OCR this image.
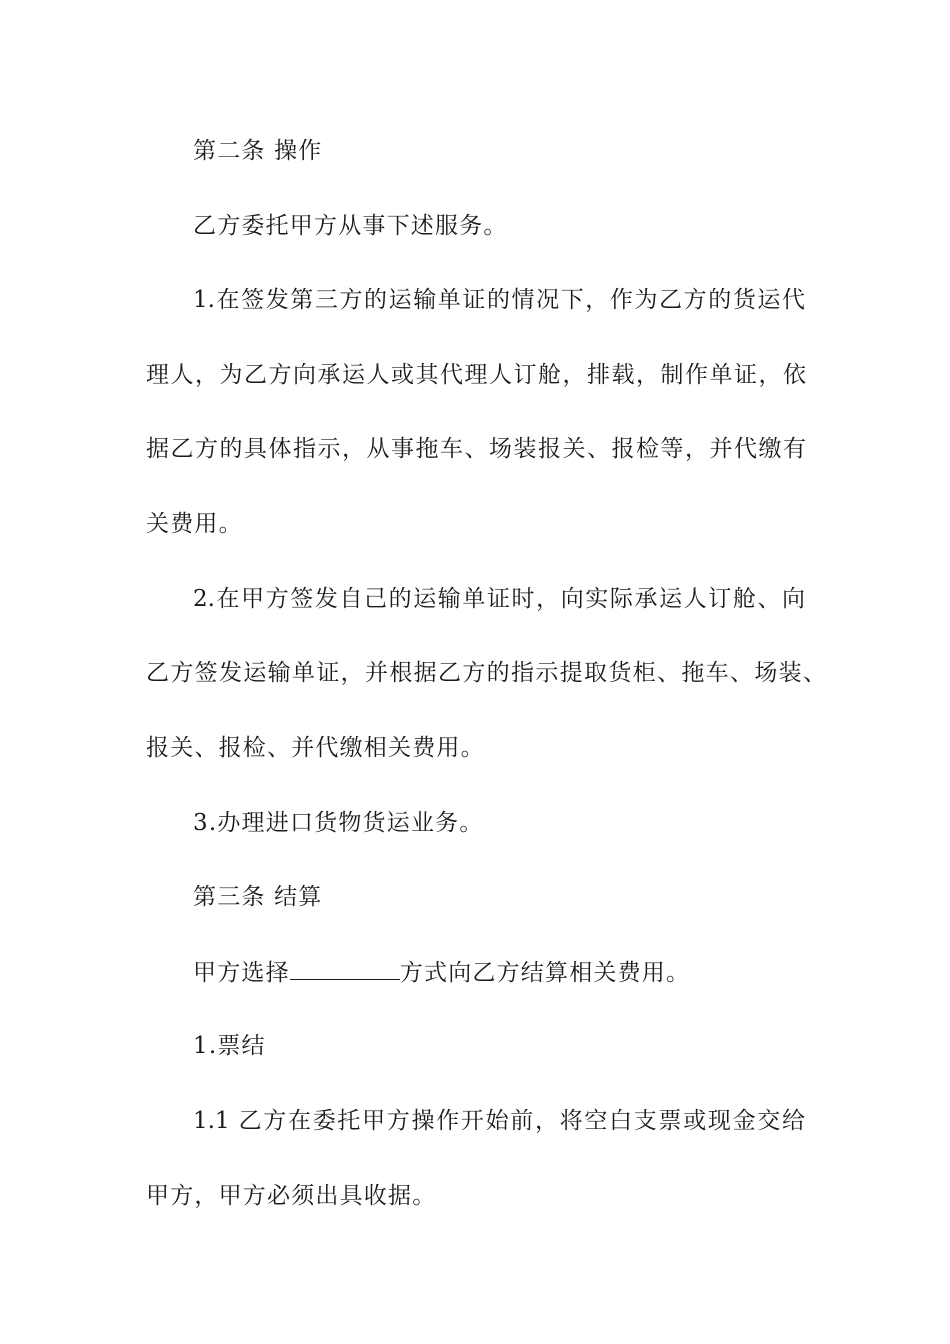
第二条 操作
乙方委托甲方从事下述服务。
1.在签发第三方的运输单证的情况下，作为乙方的货运代
理人，为乙方向承运人或其代理人订舱，排载，制作单证，依
据乙方的具体指示，从事拖车、场装报关、报检等，并代缴有
关费用。
2.在甲方签发自己的运输单证时，向实际承运人订舱、向
乙方签发运输单证，并根据乙方的指示提取货柜、拖车、场装、
报关、报检、并代缴相关费用。
3.办理进口货物货运业务。
第三条 结算
甲方选择	方式向乙方结算相关费用。
1.票结
1.1 乙方在委托甲方操作开始前，将空白支票或现金交给
甲方，甲方必须出具收据。
